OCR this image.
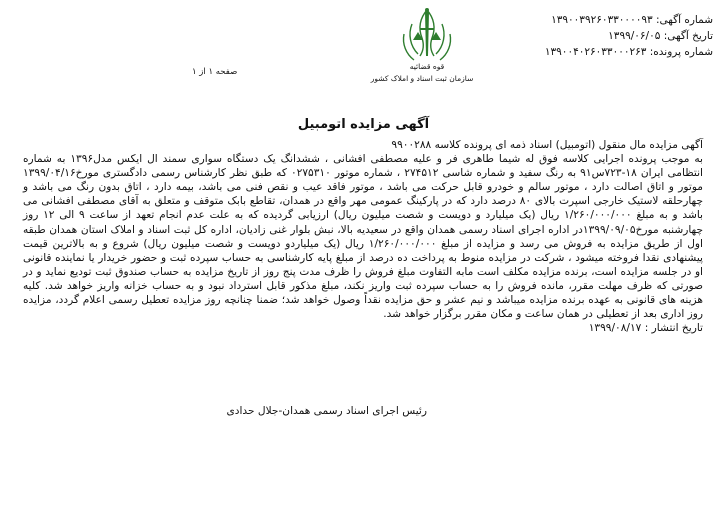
شماره آگهی: ۱۳۹۰۰۳۹۲۶۰۳۳۰۰۰۰۹۳
تاریخ آگهی: ۱۳۹۹/۰۶/۰۵
شماره پرونده: ۱۳۹۰۰۴۰۲۶۰۳۳۰۰۰۲۶۳
قوه قضائیه
سازمان ثبت اسناد و املاک کشور
صفحه ۱ از ۱
آگهی مزایده اتومبیل

آگهی مزایده مال منقول (اتومبیل) اسناد ذمه ای پرونده کلاسه ۹۹۰۰۲۸۸

به موجب پرونده اجرایی کلاسه فوق له شیما طاهری فر و علیه مصطفی افشانی ، ششدانگ یک دستگاه سواری سمند ال ایکس مدل۱۳۹۶ به شماره انتظامی ایران ۱۸-۷۲۳س۹۱ به رنگ سفید و شماره شاسی ۲۷۴۵۱۲ ، شماره موتور ۰۲۷۵۳۱۰ که طبق نظر کارشناس رسمی دادگستری مورخ۱۳۹۹/۰۴/۱۶ موتور و اتاق اصالت دارد ، موتور سالم و خودرو قابل حرکت می باشد ، موتور فاقد عیب و نقص فنی می باشد، بیمه دارد ، اتاق بدون رنگ می باشد و چهارحلقه لاستیک خارجی اسپرت بالای ۸۰ درصد دارد که در پارکینگ عمومی مهر واقع در همدان، تقاطع بابک متوقف و متعلق به آقای مصطفی افشانی می باشد و به مبلغ ۱/۲۶۰/۰۰۰/۰۰۰ ریال (یک میلیارد و دویست و شصت میلیون ریال) ارزیابی گردیده که به علت عدم انجام تعهد از ساعت ۹ الی ۱۲ روز چهارشنبه مورخ۱۳۹۹/۰۹/۰۵در اداره اجرای اسناد رسمی همدان واقع در سعیدیه بالا، نبش بلوار غنی زادیان، اداره کل ثبت اسناد و املاک استان همدان طبقه اول از طریق مزایده به فروش می رسد و مزایده از مبلغ ۱/۲۶۰/۰۰۰/۰۰۰ ریال (یک میلیاردو دویست و شصت میلیون ریال) شروع و به بالاترین قیمت پیشنهادی نقدا فروخته میشود ، شرکت در مزایده منوط به پرداخت ده درصد از مبلغ پایه کارشناسی به حساب سپرده ثبت و حضور خریدار یا نماینده قانونی او در جلسه مزایده است، برنده مزایده مکلف است مابه التفاوت مبلغ فروش را ظرف مدت پنج روز از تاریخ مزایده به حساب صندوق ثبت تودیع نماید و در صورتی که ظرف مهلت مقرر، مانده فروش را به حساب سپرده ثبت واریز نکند، مبلغ مذکور قابل استرداد نبود و به حساب خزانه واریز خواهد شد. کلیه هزینه های قانونی به عهده برنده مزایده میباشد و نیم عشر و حق مزایده نقداً وصول خواهد شد؛ ضمنا چنانچه روز مزایده تعطیل رسمی اعلام گردد، مزایده روز اداری بعد از تعطیلی در همان ساعت و مکان مقرر برگزار خواهد شد.

تاریخ انتشار : ۱۳۹۹/۰۸/۱۷

رئیس اجرای اسناد رسمی همدان-جلال حدادی
